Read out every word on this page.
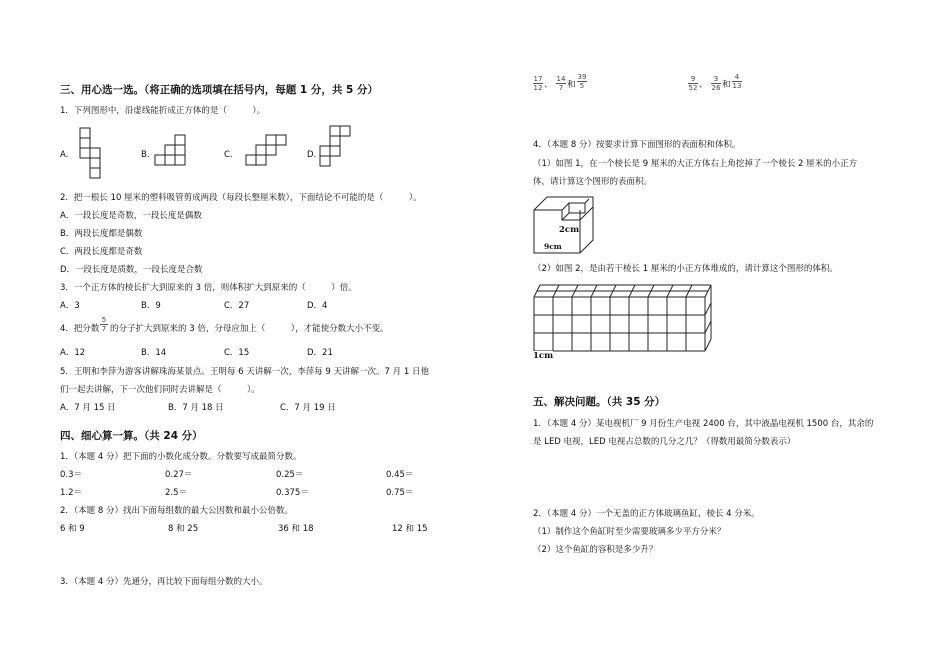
三、用心选一选。（将正确的选项填在括号内，每题 1 分，共 5 分）
1．下列图形中，沿虚线能折成正方体的是（　　　）。
A.	B.	C.	D.
2．把一根长 10 厘米的塑料吸管剪成两段（每段长整厘米数），下面结论不可能的是（　　　）。
A．一段长度是奇数，一段长度是偶数
B．两段长度都是偶数
C．两段长度都是奇数
D．一段长度是质数，一段长度是合数
3．一个正方体的棱长扩大到原来的 3 倍，则体积扩大到原来的（　　　）倍。
A．3	B．9	C．27	D．4
4．把分数
5
7 的分子扩大到原来的 3 倍，分母应加上（　　　），才能使分数大小不变。
A．12	B．14	C．15	D．21
5．王明和李萍为游客讲解珠海某景点。王明每 6 天讲解一次，李萍每 9 天讲解一次。7 月 1 日他
们一起去讲解，下一次他们同时去讲解是（　　　）。
A．7 月 15 日	B．7 月 18 日	C．7 月 19 日
四、细心算一算。（共 24 分）
1．（本题 4 分）把下面的小数化成分数。分数要写成最简分数。
0.3＝	0.27＝	0.25＝	0.45＝
1.2＝	2.5＝	0.375＝	0.75＝
2．（本题 8 分）找出下面每组数的最大公因数和最小公倍数。
6 和 9	8 和 25	36 和 18	12 和 15
3．（本题 4 分）先通分，再比较下面每组分数的大小。
17
12 、
14
7 和
39
5
9
52 、
3
26 和
4
13
4．（本题 8 分）按要求计算下面图形的表面积和体积。
（1）如图 1，在一个棱长是 9 厘米的大正方体右上角挖掉了一个棱长 2 厘米的小正方
体，请计算这个图形的表面积。
2cm
9cm
（2）如图 2，是由若干棱长 1 厘米的小正方体堆成的，请计算这个图形的体积。
1cm
五、解决问题。（共 35 分）
1．（本题 4 分）某电视机厂 9 月份生产电视 2400 台，其中液晶电视机 1500 台，其余的
是 LED 电视，LED 电视占总数的几分之几？（得数用最简分数表示）
2．（本题 4 分）一个无盖的正方体玻璃鱼缸，棱长 4 分米。
（1）制作这个鱼缸时至少需要玻璃多少平方分米？
（2）这个鱼缸的容积是多少升？
